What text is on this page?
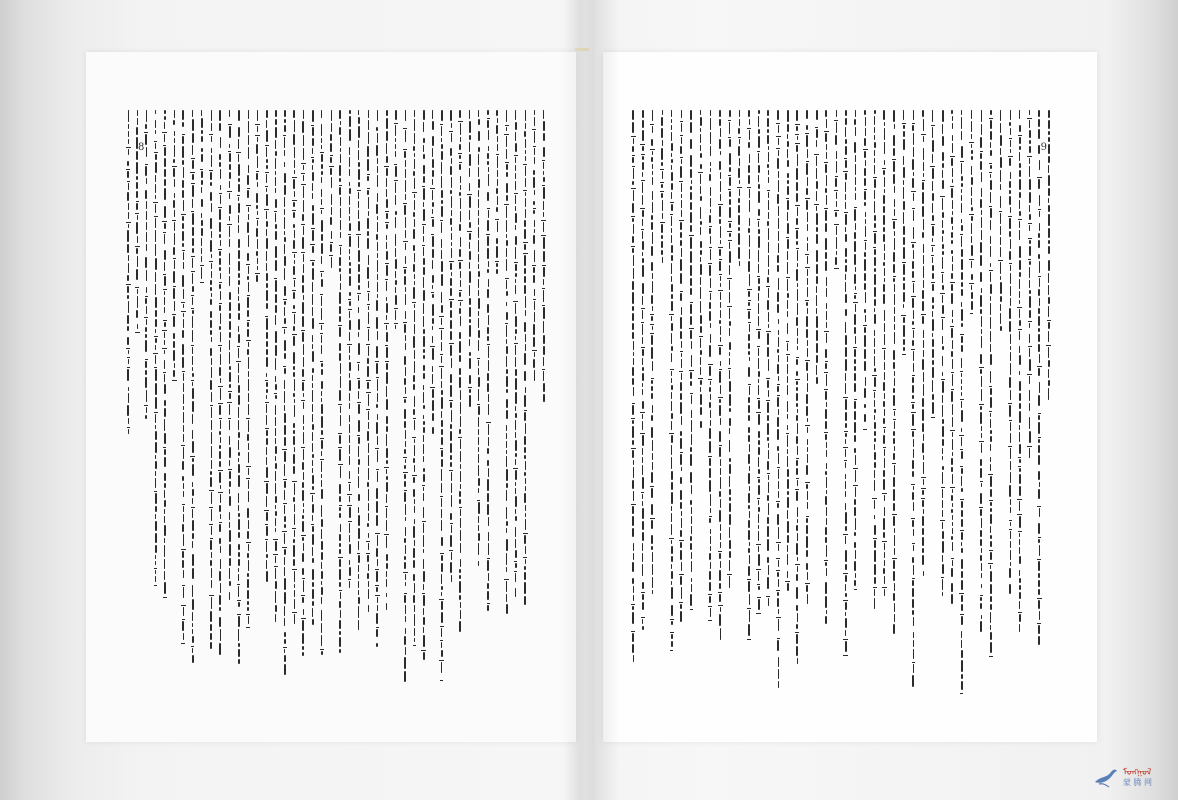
8	9
ᠮᠣᠩᠭᠤᠯ
蒙 腾 网
